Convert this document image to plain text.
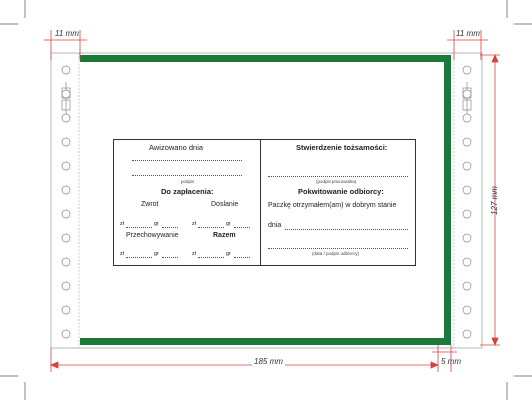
11 mm	11 mm
127 mm
185 mm	5 mm
Awizowano dnia
podpis
Do zapłacenia:
Zwrot	Doslanie
zł	gr	zł	gr
Przechowywanie	Razem
zł	gr	zł	gr
Stwierdzenie tożsamości:
(podpis pracownika)
Pokwitowanie odbiorcy:
Paczkę otrzymałem(am) w dobrym stanie
dnia
(data / podpis odbiorcy)
